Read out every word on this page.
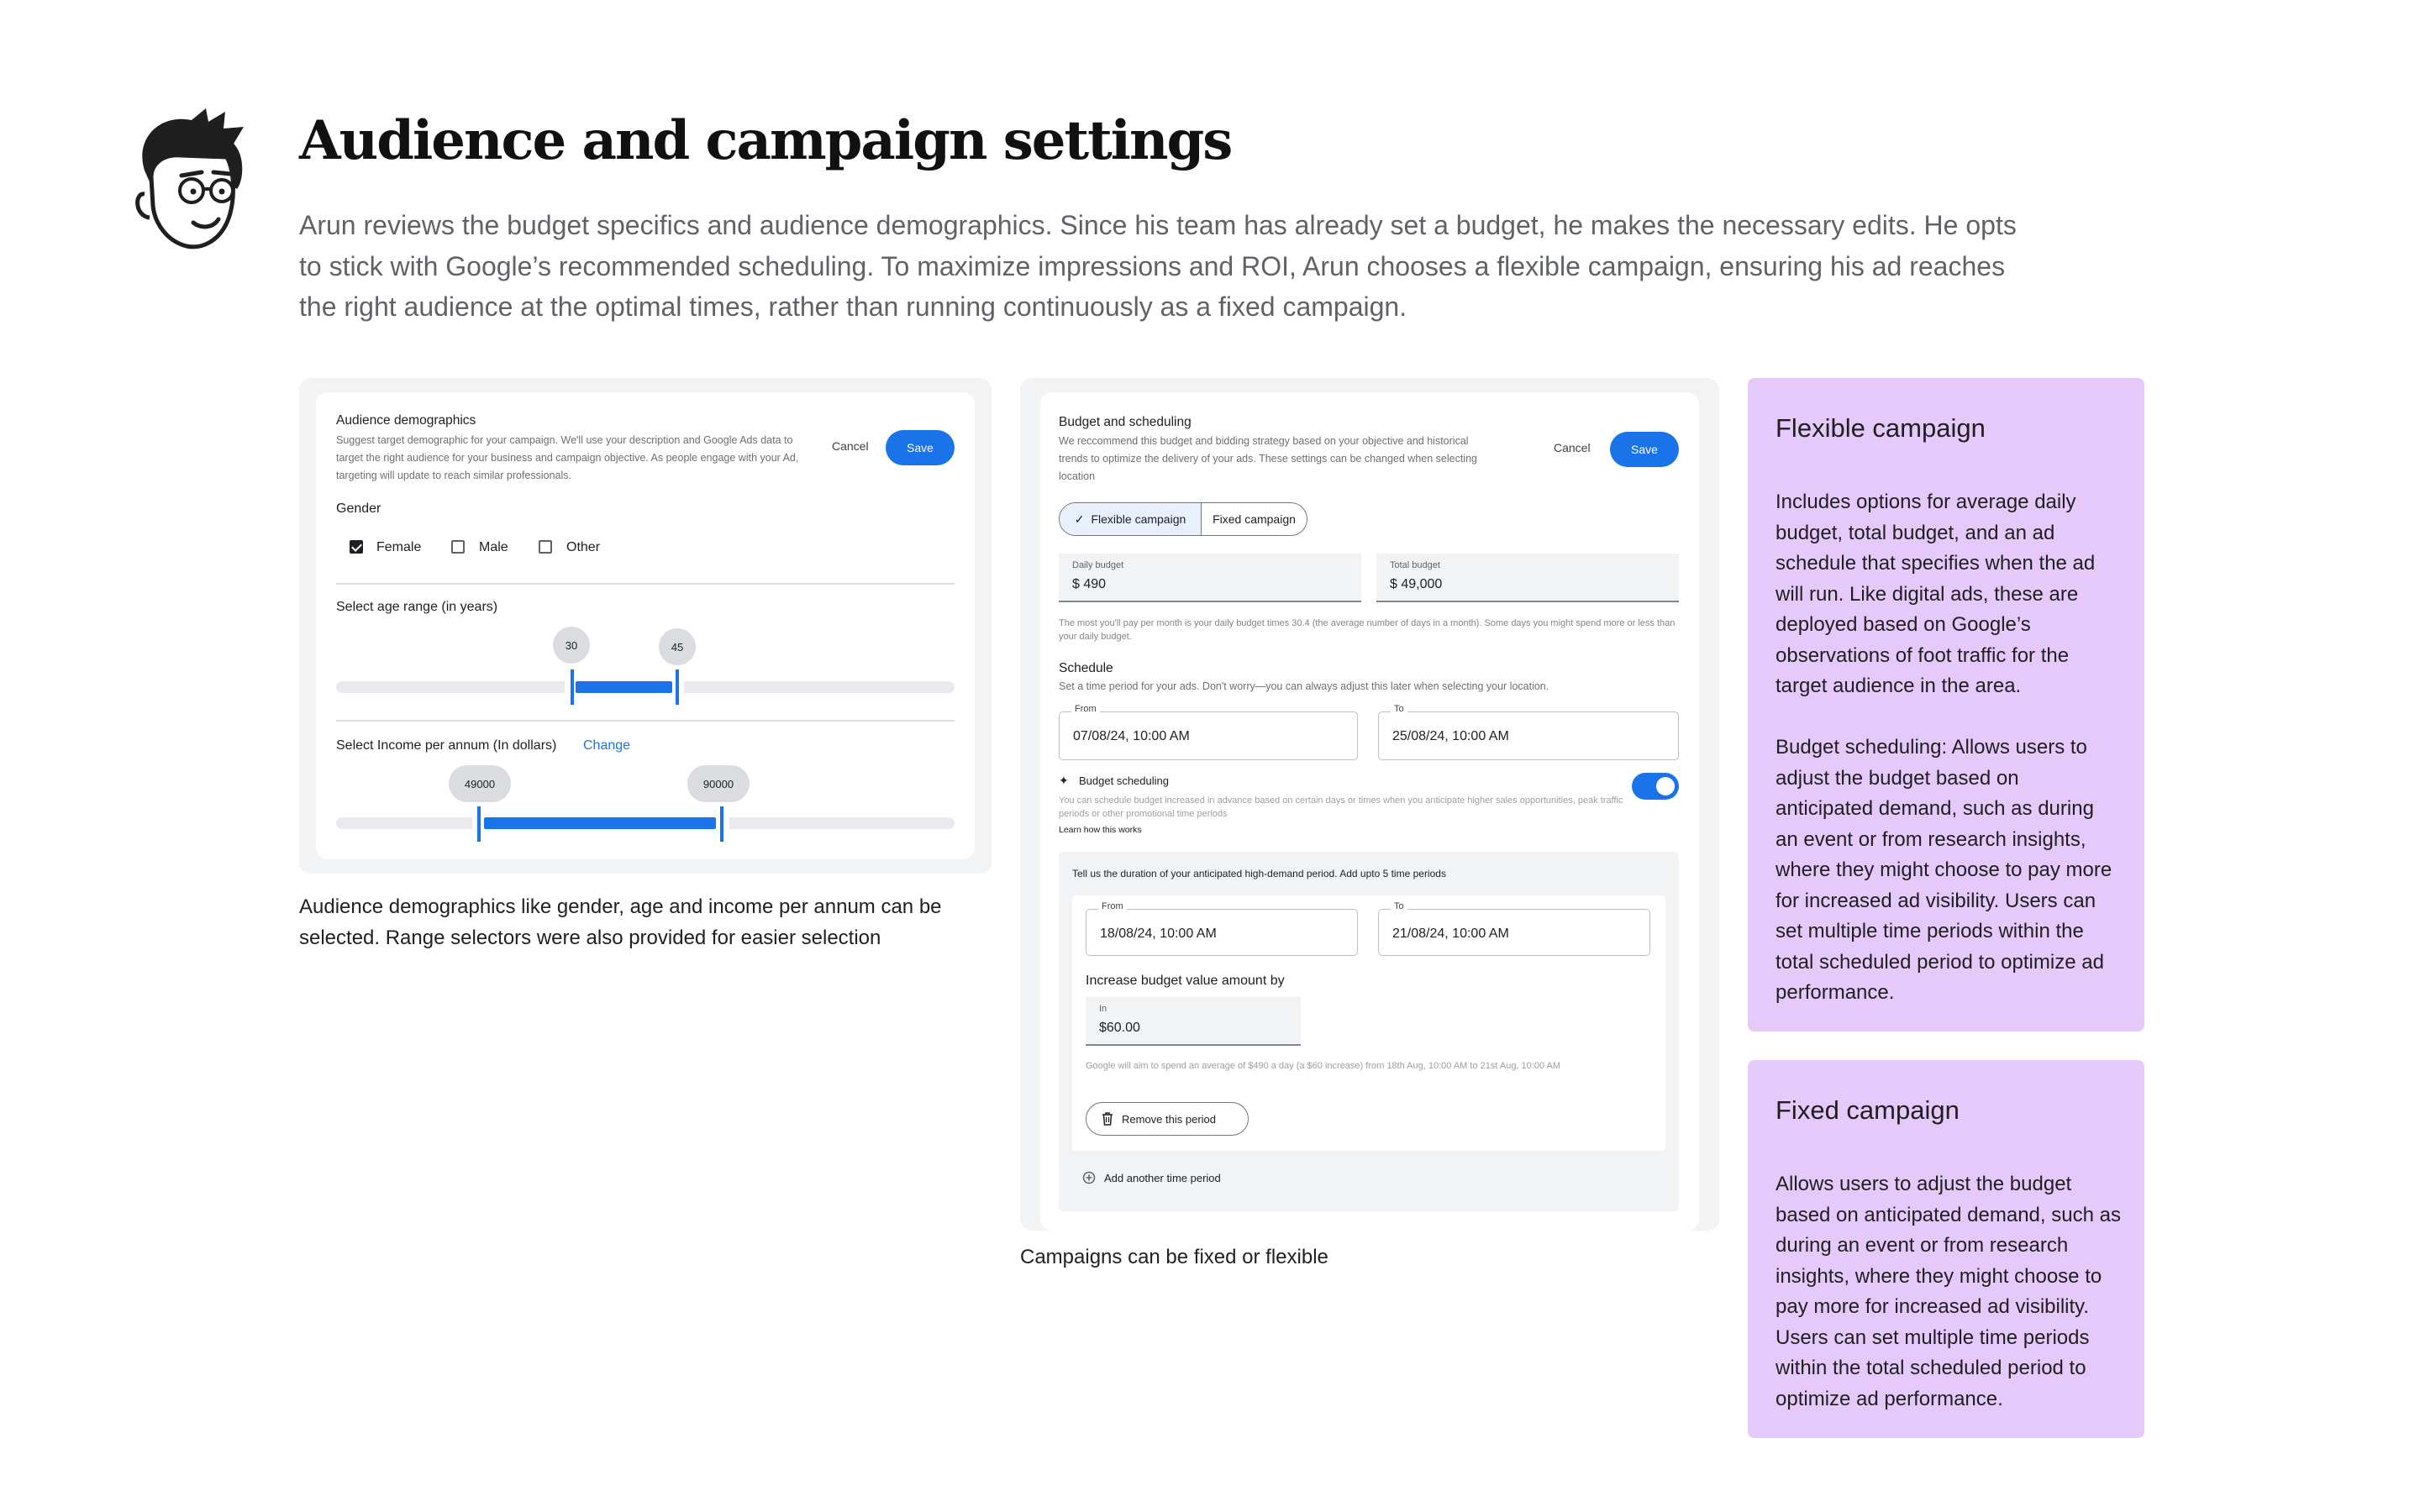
Audience and campaign settings

Arun reviews the budget specifics and audience demographics. Since his team has already set a budget, he makes the necessary edits. He opts to stick with Google’s recommended scheduling. To maximize impressions and ROI, Arun chooses a flexible campaign, ensuring his ad reaches the right audience at the optimal times, rather than running continuously as a fixed campaign.

Audience demographics
Suggest target demographic for your campaign. We'll use your description and Google Ads data to target the right audience for your business and campaign objective. As people engage with your Ad, targeting will update to reach similar professionals.
Cancel	Save
Gender
Female	Male	Other
Select age range (in years)
30	45
Select Income per annum (In dollars) Change
49000	90000
Audience demographics like gender, age and income per annum can be selected. Range selectors were also provided for easier selection
Budget and scheduling
We reccommend this budget and bidding strategy based on your objective and historical trends to optimize the delivery of your ads. These settings can be changed when selecting location
Cancel	Save
✓ Flexible campaign Fixed campaign
Daily budget
$ 490
Total budget
$ 49,000
The most you'll pay per month is your daily budget times 30.4 (the average number of days in a month). Some days you might spend more or less than your daily budget.
Schedule
Set a time period for your ads. Don't worry—you can always adjust this later when selecting your location.
From
07/08/24, 10:00 AM
To
25/08/24, 10:00 AM
✦ Budget scheduling
You can schedule budget increased in advance based on certain days or times when you anticipate higher sales opportunities, peak traffic periods or other promotional time periods
Learn how this works
Tell us the duration of your anticipated high-demand period. Add upto 5 time periods
From
18/08/24, 10:00 AM
To
21/08/24, 10:00 AM
Increase budget value amount by
In
$60.00
Google will aim to spend an average of $490 a day (a $60 increase) from 18th Aug, 10:00 AM to 21st Aug, 10:00 AM
Remove this period
Add another time period
Campaigns can be fixed or flexible
Flexible campaign
Includes options for average daily budget, total budget, and an ad schedule that specifies when the ad will run. Like digital ads, these are deployed based on Google’s observations of foot traffic for the target audience in the area.

Budget scheduling: Allows users to adjust the budget based on anticipated demand, such as during an event or from research insights, where they might choose to pay more for increased ad visibility. Users can set multiple time periods within the total scheduled period to optimize ad performance.
Fixed campaign
Allows users to adjust the budget based on anticipated demand, such as during an event or from research insights, where they might choose to pay more for increased ad visibility. Users can set multiple time periods within the total scheduled period to optimize ad performance.
